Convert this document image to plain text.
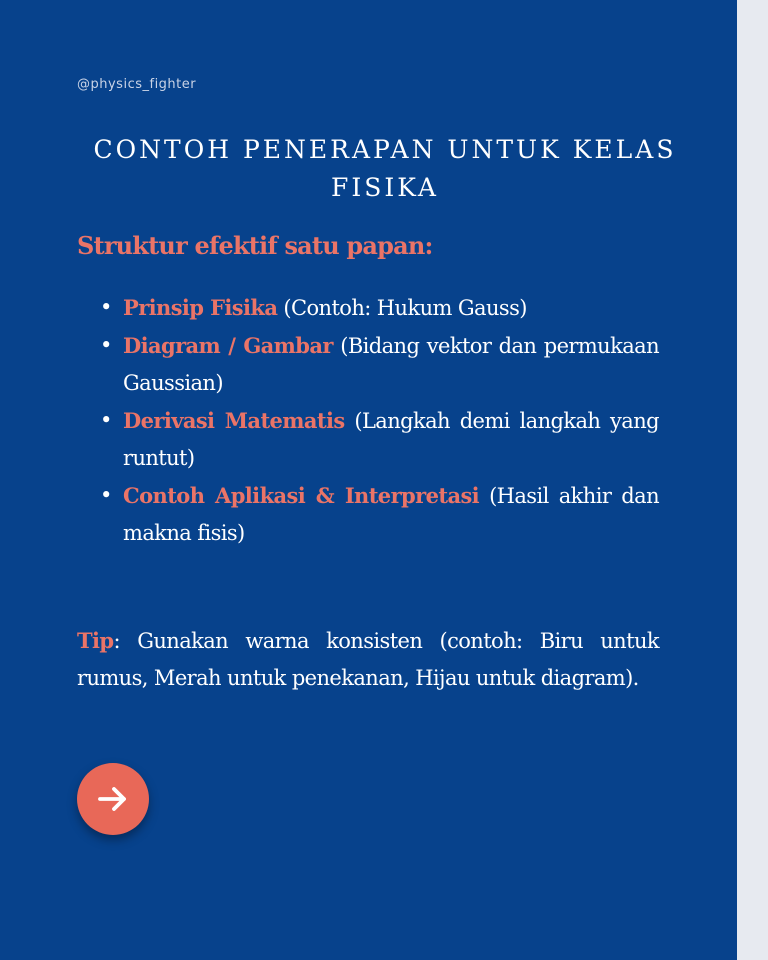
@physics_fighter
CONTOH PENERAPAN UNTUK KELAS FISIKA
Struktur efektif satu papan:
• Prinsip Fisika (Contoh: Hukum Gauss)
• Diagram / Gambar (Bidang vektor dan permukaan Gaussian)
• Derivasi Matematis (Langkah demi langkah yang runtut)
• Contoh Aplikasi & Interpretasi (Hasil akhir dan makna fisis)
Tip: Gunakan warna konsisten (contoh: Biru untuk rumus, Merah untuk penekanan, Hijau untuk diagram).
